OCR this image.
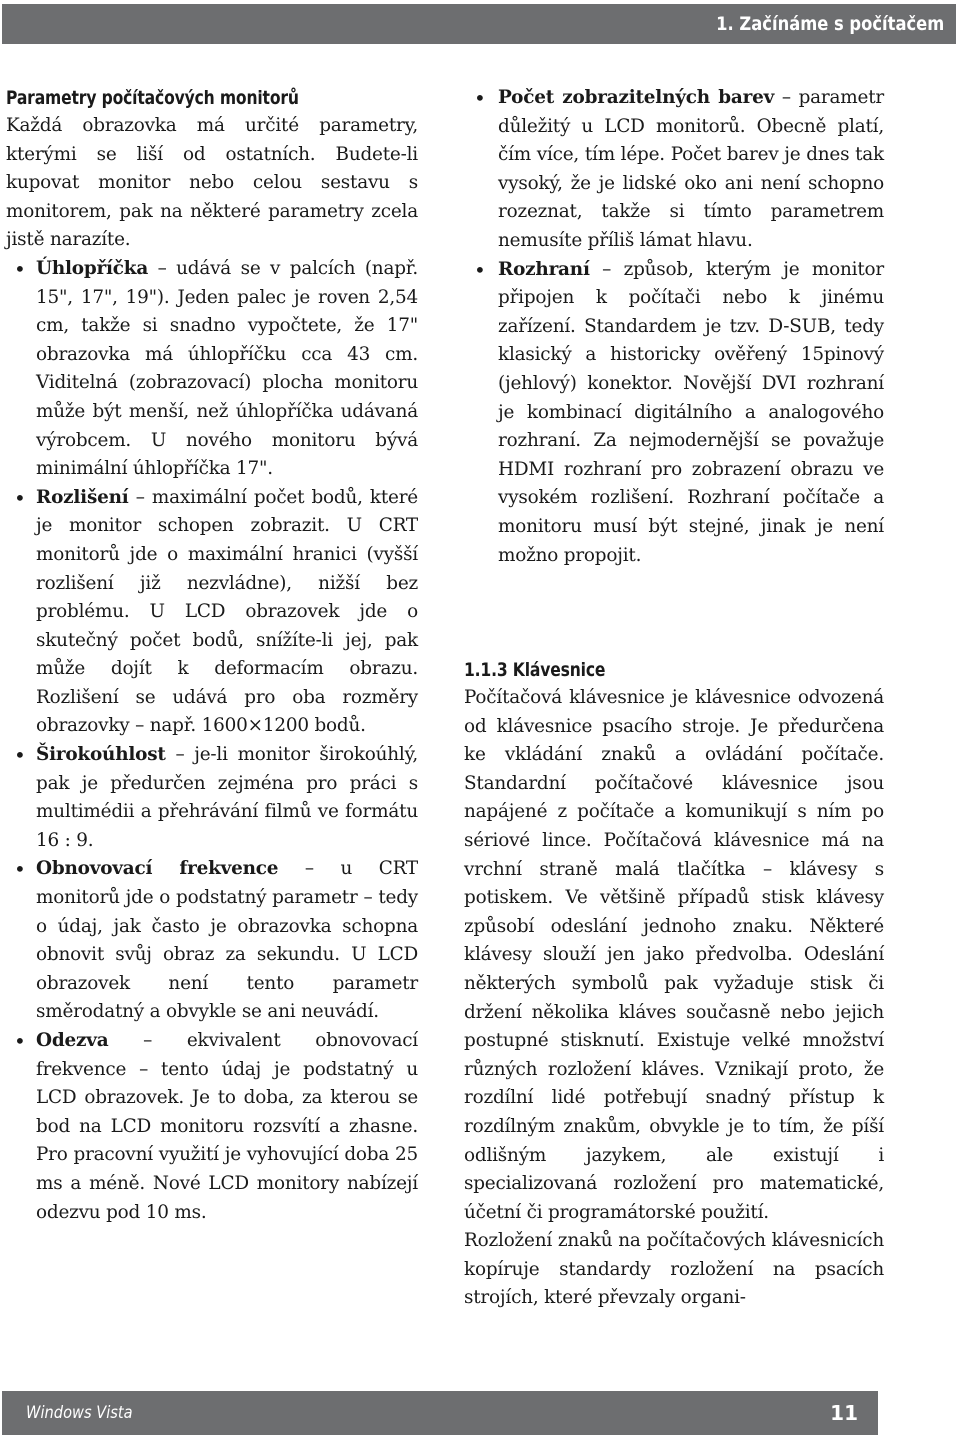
1. Začínáme s počítačem
Parametry počítačových monitorů

Každá obrazovka má určité parametry, kterými se liší od ostatních. Budete-li kupovat monitor nebo celou sestavu s monitorem, pak na některé parametry zcela jistě narazíte.

• Úhlopříčka – udává se v palcích (např. 15", 17", 19"). Jeden palec je roven 2,54 cm, takže si snadno vypočtete, že 17" obrazovka má úhlopříčku cca 43 cm. Viditelná (zobrazovací) plocha monitoru může být menší, než úhlopříčka udávaná výrobcem. U nového monitoru bývá minimální úhlopříčka 17".
• Rozlišení – maximální počet bodů, které je monitor schopen zobrazit. U CRT monitorů jde o maximální hranici (vyšší rozlišení již nezvládne), nižší bez problému. U LCD obrazovek jde o skutečný počet bodů, snížíte-li jej, pak může dojít k deformacím obrazu. Rozlišení se udává pro oba rozměry obrazovky – např. 1600×1200 bodů.
• Širokoúhlost – je-li monitor širokoúhlý, pak je předurčen zejména pro práci s multimédii a přehrávání filmů ve formátu 16 : 9.
• Obnovovací frekvence – u CRT monitorů jde o podstatný parametr – tedy o údaj, jak často je obrazovka schopna obnovit svůj obraz za sekundu. U LCD obrazovek není tento parametr směrodatný a obvykle se ani neuvádí.
• Odezva – ekvivalent obnovovací frekvence – tento údaj je podstatný u LCD obrazovek. Je to doba, za kterou se bod na LCD monitoru rozsvítí a zhasne. Pro pracovní využití je vyhovující doba 25 ms a méně. Nové LCD monitory nabízejí odezvu pod 10 ms.
• Počet zobrazitelných barev – parametr důležitý u LCD monitorů. Obecně platí, čím více, tím lépe. Počet barev je dnes tak vysoký, že je lidské oko ani není schopno rozeznat, takže si tímto parametrem nemusíte příliš lámat hlavu.
• Rozhraní – způsob, kterým je monitor připojen k počítači nebo k jinému zařízení. Standardem je tzv. D-SUB, tedy klasický a historicky ověřený 15pinový (jehlový) konektor. Novější DVI rozhraní je kombinací digitálního a analogového rozhraní. Za nejmodernější se považuje HDMI rozhraní pro zobrazení obrazu ve vysokém rozlišení. Rozhraní počítače a monitoru musí být stejné, jinak je není možno propojit.
1.1.3 Klávesnice

Počítačová klávesnice je klávesnice odvozená od klávesnice psacího stroje. Je předurčena ke vkládání znaků a ovládání počítače. Standardní počítačové klávesnice jsou napájené z počítače a komunikují s ním po sériové lince. Počítačová klávesnice má na vrchní straně malá tlačítka – klávesy s potiskem. Ve většině případů stisk klávesy způsobí odeslání jednoho znaku. Některé klávesy slouží jen jako předvolba. Odeslání některých symbolů pak vyžaduje stisk či držení několika kláves současně nebo jejich postupné stisknutí. Existuje velké množství různých rozložení kláves. Vznikají proto, že rozdílní lidé potřebují snadný přístup k rozdílným znakům, obvykle je to tím, že píší odlišným jazykem, ale existují i specializovaná rozložení pro matematické, účetní či programátorské použití.

Rozložení znaků na počítačových klávesnicích kopíruje standardy rozložení na psacích strojích, které převzaly organi-

Windows Vista	11
